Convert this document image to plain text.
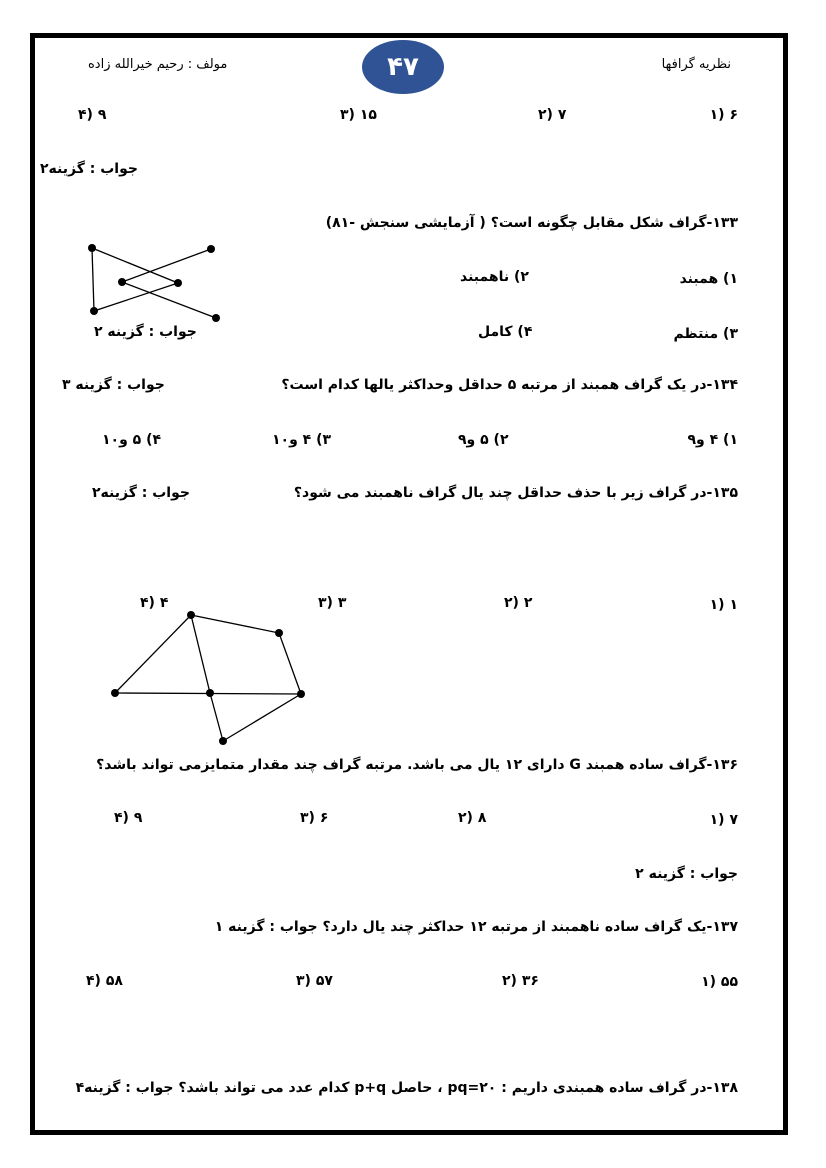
مولف : رحیم خیرالله زاده	۴۷	نظریه گرافها
۱) ۶
۲) ۷
۳) ۱۵
۴) ۹
جواب : گزینه۲
۱۳۳-گراف شکل مقابل چگونه است؟ ( آزمایشی سنجش -۸۱)
۱) همبند
۲) ناهمبند
۳) منتظم
۴) کامل
جواب : گزینه ۲
۱۳۴-در یک گراف همبند از مرتبه ۵ حداقل وحداکثر یالها کدام است؟
جواب : گزینه ۳
۱) ۴ و۹
۲) ۵ و۹
۳) ۴ و۱۰
۴) ۵ و۱۰
۱۳۵-در گراف زیر با حذف حداقل چند یال گراف ناهمبند می شود؟
جواب : گزینه۲
۱) ۱
۲) ۲
۳) ۳
۴) ۴
۱۳۶-گراف ساده همبند G دارای ۱۲ یال می باشد. مرتبه گراف چند مقدار متمایزمی تواند باشد؟
۱) ۷
۲) ۸
۳) ۶
۴) ۹
جواب : گزینه ۲
۱۳۷-یک گراف ساده ناهمبند از مرتبه ۱۲ حداکثر چند یال دارد؟ جواب : گزینه ۱
۱) ۵۵
۲) ۳۶
۳) ۵۷
۴) ۵۸
۱۳۸-در گراف ساده همبندی داریم : pq=۲۰ ، حاصل p+q کدام عدد می تواند باشد؟ جواب : گزینه۴
